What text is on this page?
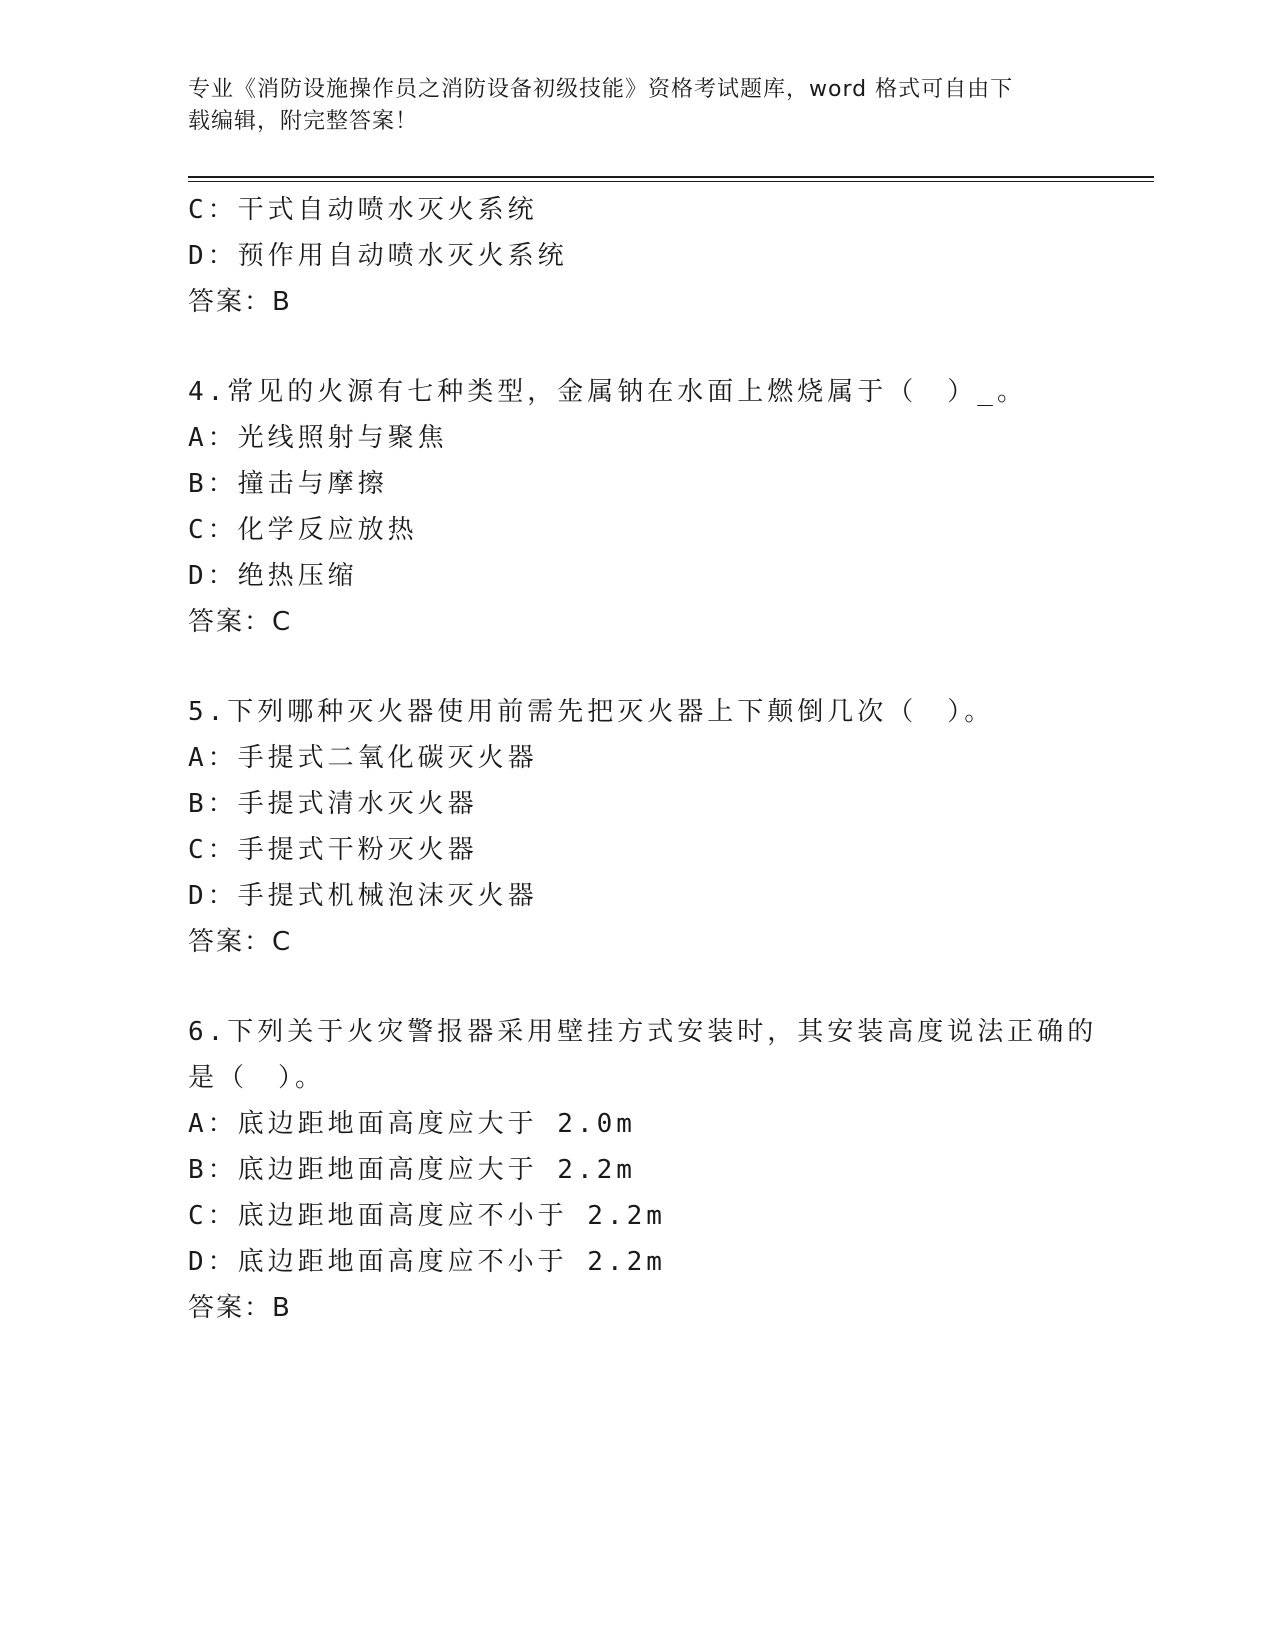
专业《消防设施操作员之消防设备初级技能》资格考试题库，word 格式可自由下
载编辑，附完整答案！
C：干式自动喷水灭火系统
D：预作用自动喷水灭火系统
答案：B
4.常见的火源有七种类型，金属钠在水面上燃烧属于（　）_。
A：光线照射与聚焦
B：撞击与摩擦
C：化学反应放热
D：绝热压缩
答案：C
5.下列哪种灭火器使用前需先把灭火器上下颠倒几次（　）。
A：手提式二氧化碳灭火器
B：手提式清水灭火器
C：手提式干粉灭火器
D：手提式机械泡沫灭火器
答案：C
6.下列关于火灾警报器采用壁挂方式安装时，其安装高度说法正确的
是（　）。
A：底边距地面高度应大于 2.0m
B：底边距地面高度应大于 2.2m
C：底边距地面高度应不小于 2.2m
D：底边距地面高度应不小于 2.2m
答案：B
